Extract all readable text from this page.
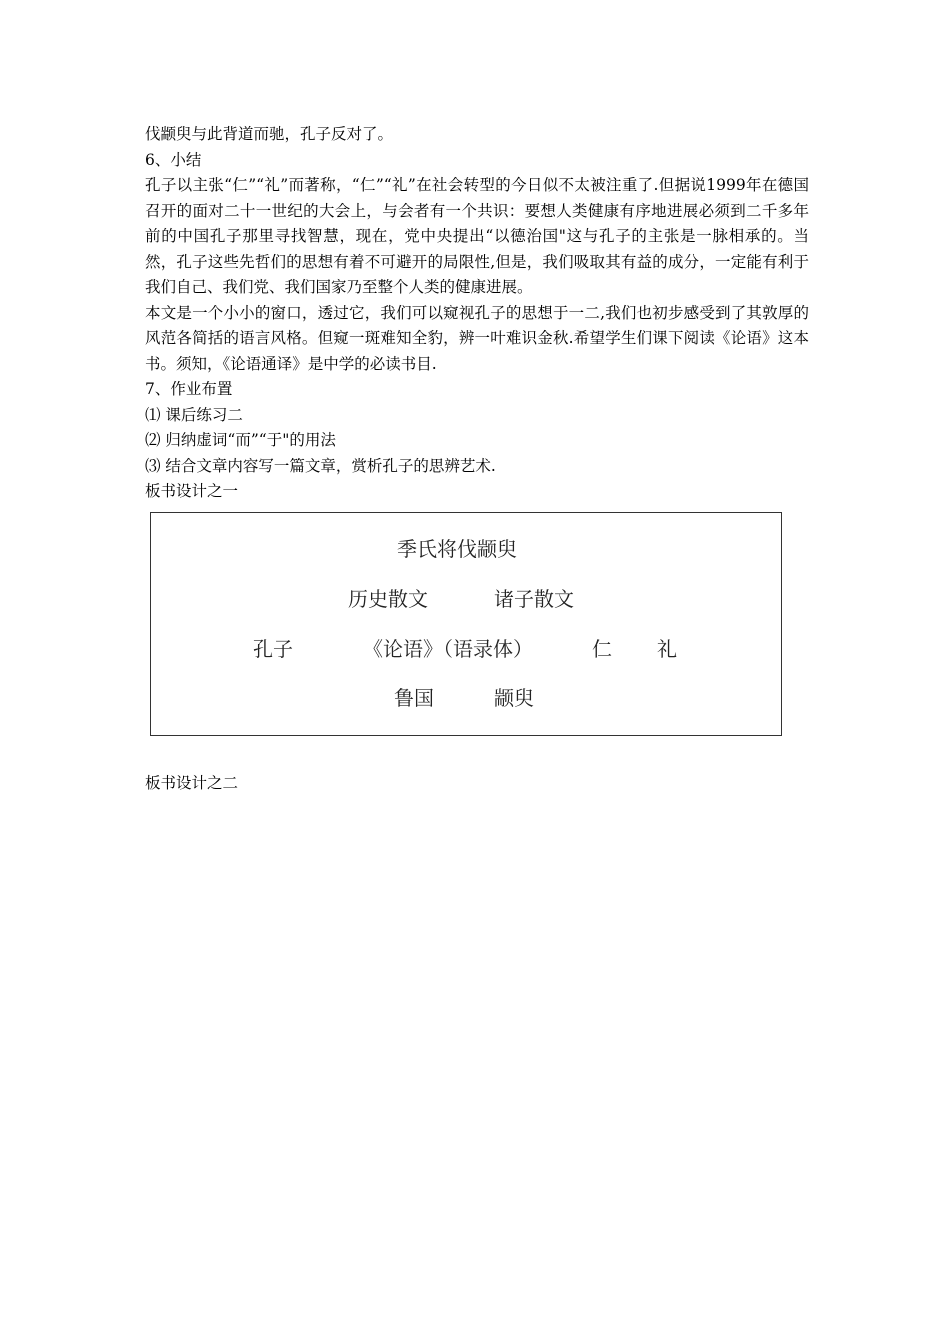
伐颛臾与此背道而驰，孔子反对了。
6、小结
孔子以主张“仁”“礼”而著称，“仁”“礼”在社会转型的今日似不太被注重了.但据说1999年在德国召开的面对二十一世纪的大会上，与会者有一个共识：要想人类健康有序地进展必须到二千多年前的中国孔子那里寻找智慧，现在，党中央提出“以德治国"这与孔子的主张是一脉相承的。当然，孔子这些先哲们的思想有着不可避开的局限性,但是，我们吸取其有益的成分，一定能有利于我们自己、我们党、我们国家乃至整个人类的健康进展。
本文是一个小小的窗口，透过它，我们可以窥视孔子的思想于一二,我们也初步感受到了其敦厚的风范各简括的语言风格。但窥一斑难知全豹，辨一叶难识金秋.希望学生们课下阅读《论语》这本书。须知，《论语通译》是中学的必读书目.
7、作业布置
⑴ 课后练习二
⑵ 归纳虚词“而”“于"的用法
⑶ 结合文章内容写一篇文章，赏析孔子的思辨艺术.
板书设计之一
季氏将伐颛臾
历史散文	诸子散文
孔子	《论语》（语录体）	仁 礼
鲁国	颛臾
板书设计之二
